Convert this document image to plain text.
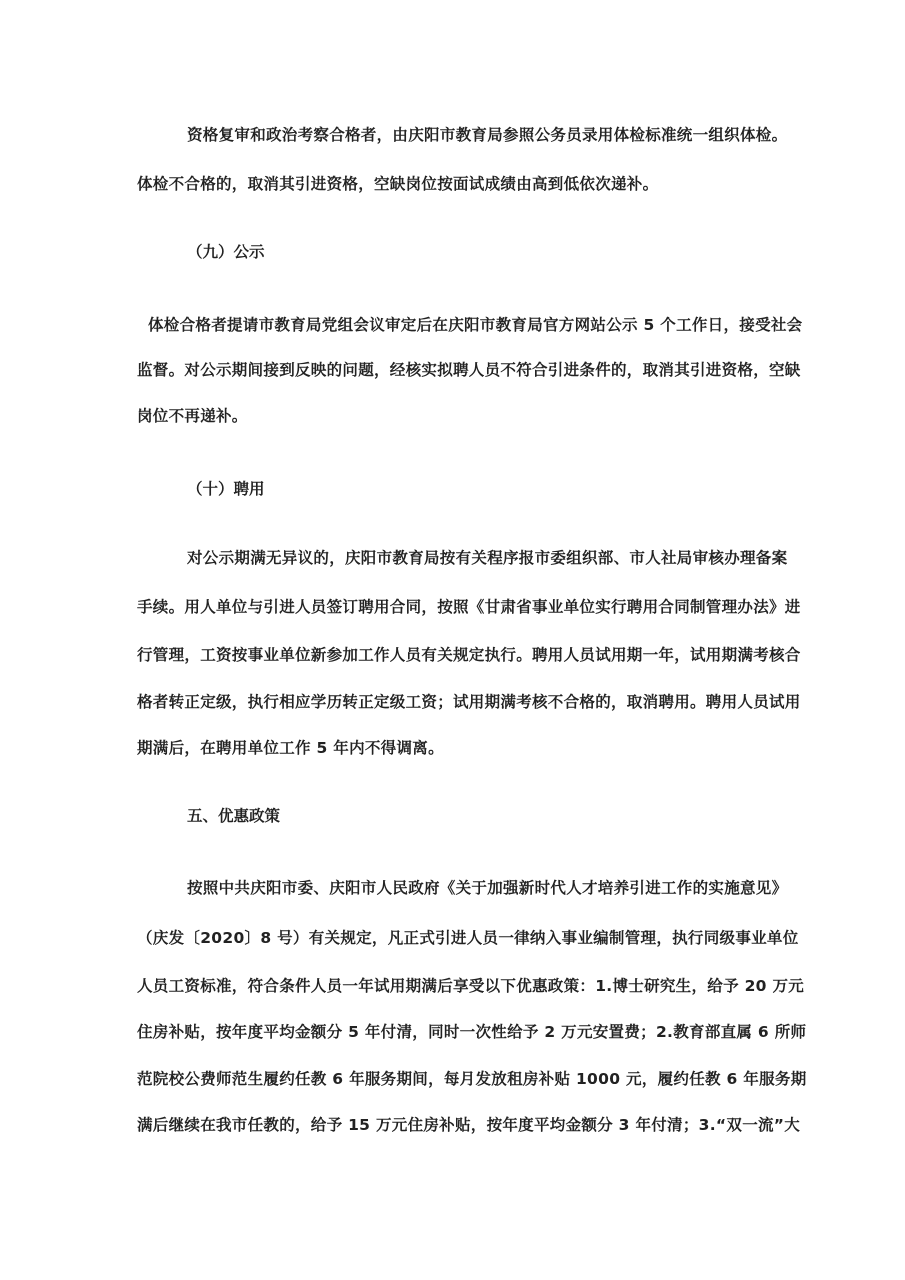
资格复审和政治考察合格者，由庆阳市教育局参照公务员录用体检标准统一组织体检。
体检不合格的，取消其引进资格，空缺岗位按面试成绩由高到低依次递补。
（九）公示
体检合格者提请市教育局党组会议审定后在庆阳市教育局官方网站公示 5 个工作日，接受社会
监督。对公示期间接到反映的问题，经核实拟聘人员不符合引进条件的，取消其引进资格，空缺
岗位不再递补。
（十）聘用
对公示期满无异议的，庆阳市教育局按有关程序报市委组织部、市人社局审核办理备案
手续。用人单位与引进人员签订聘用合同，按照《甘肃省事业单位实行聘用合同制管理办法》进
行管理，工资按事业单位新参加工作人员有关规定执行。聘用人员试用期一年，试用期满考核合
格者转正定级，执行相应学历转正定级工资；试用期满考核不合格的，取消聘用。聘用人员试用
期满后，在聘用单位工作 5 年内不得调离。
五、优惠政策
按照中共庆阳市委、庆阳市人民政府《关于加强新时代人才培养引进工作的实施意见》
（庆发〔2020〕8 号）有关规定，凡正式引进人员一律纳入事业编制管理，执行同级事业单位
人员工资标准，符合条件人员一年试用期满后享受以下优惠政策：1.博士研究生，给予 20 万元
住房补贴，按年度平均金额分 5 年付清，同时一次性给予 2 万元安置费；2.教育部直属 6 所师
范院校公费师范生履约任教 6 年服务期间，每月发放租房补贴 1000 元，履约任教 6 年服务期
满后继续在我市任教的，给予 15 万元住房补贴，按年度平均金额分 3 年付清；3.“双一流”大
